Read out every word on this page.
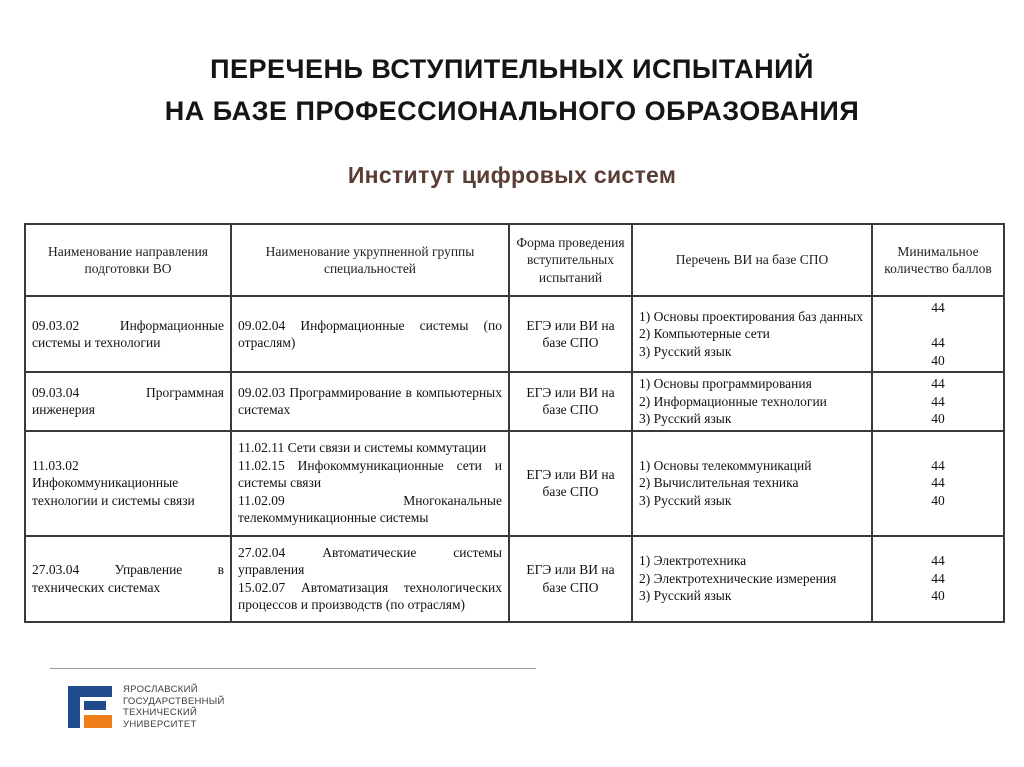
ПЕРЕЧЕНЬ ВСТУПИТЕЛЬНЫХ ИСПЫТАНИЙ
НА БАЗЕ ПРОФЕССИОНАЛЬНОГО ОБРАЗОВАНИЯ
Институт цифровых систем
Наименование направления подготовки ВО	Наименование укрупненной группы специальностей	Форма проведения вступительных испытаний	Перечень ВИ на базе СПО	Минимальное количество баллов
09.03.02 Информационные системы и технологии	09.02.04 Информационные системы (по отраслям)	ЕГЭ или ВИ на базе СПО	1) Основы проектирования баз данных
2) Компьютерные сети
3) Русский язык	44
44
40

09.03.04 Программная инженерия	09.02.03 Программирование в компьютерных системах	ЕГЭ или ВИ на базе СПО	1) Основы программирования
2) Информационные технологии
3) Русский язык	44
44
40

11.03.02 Инфокоммуникационные технологии и системы связи	11.02.11 Сети связи и системы коммутации
11.02.15 Инфокоммуникационные сети и системы связи
11.02.09 Многоканальные телекоммуникационные системы	ЕГЭ или ВИ на базе СПО	1) Основы телекоммуникаций
2) Вычислительная техника
3) Русский язык	44
44
40

27.03.04 Управление в технических системах	27.02.04 Автоматические системы управления
15.02.07 Автоматизация технологических процессов и производств (по отраслям)	ЕГЭ или ВИ на базе СПО	1) Электротехника
2) Электротехнические измерения
3) Русский язык	44
44
40
ЯРОСЛАВСКИЙ
ГОСУДАРСТВЕННЫЙ
ТЕХНИЧЕСКИЙ
УНИВЕРСИТЕТ
